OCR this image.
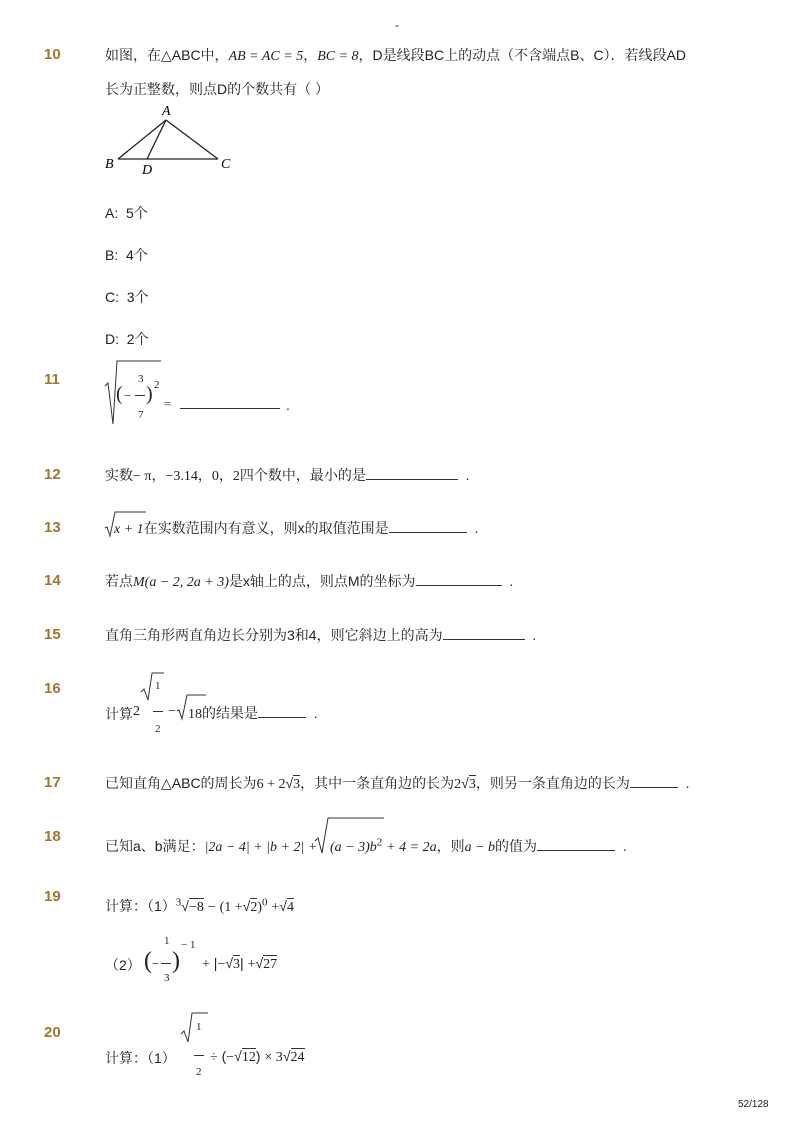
-
10	如图，在△ABC中，AB = AC = 5，BC = 8，D是线段BC上的动点（不含端点B、C）．若线段AD
长为正整数，则点D的个数共有（ ）
A
B D	C
A: 5个
B: 4个
C: 3个
D: 2个
11
( −
3
7
) 2
=	.
12	实数− π，−3.14，0，2四个数中，最小的是	.
13	x + 1在实数范围内有意义，则x的取值范围是	.
14	若点M(a − 2, 2a + 3)是x轴上的点，则点M的坐标为	.
15	直角三角形两直角边长分别为3和4，则它斜边上的高为	.
16
计算 2
1
2
− 18的结果是	.
17	已知直角△ABC的周长为6 + 2√3，其中一条直角边的长为2√3，则另一条直角边的长为	.
18
已知a、b满足：$|2a - 4| + |b + 2| + (a - 3)b^2 + 4 = 2a$，则a − b的值为	.
19
计算：$(1)^3√-8 - (1 +√2)^0 +√4$
（2） ( −
1
3
)
− 1
+ |−√3| +√27
20
计算：（1）
1
2
÷ (−√12) × 3√24
52/128
